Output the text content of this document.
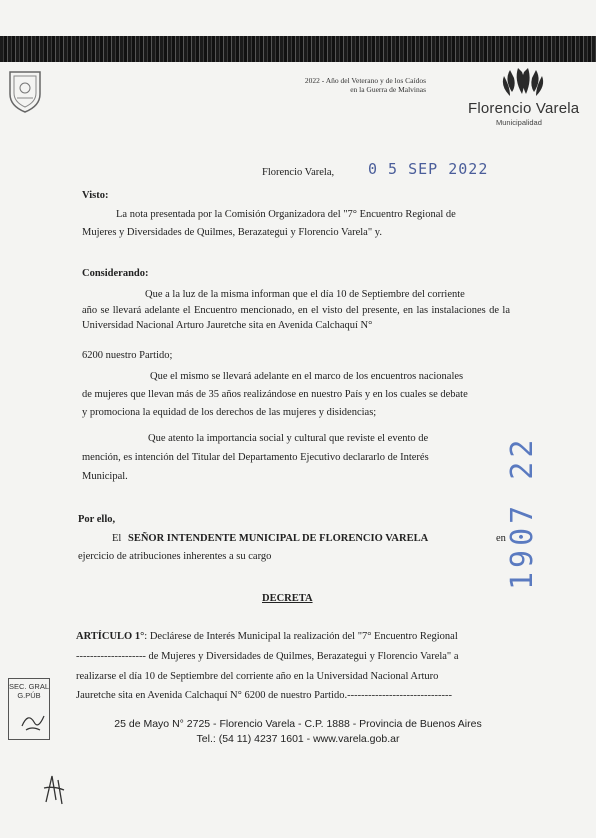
2022 - Año del Veterano y de los Caídos
en la Guerra de Malvinas
Florencio Varela
Municipalidad
Florencio Varela, 0 5 SEP 2022
Visto:
La nota presentada por la Comisión Organizadora del "7° Encuentro Regional de
Mujeres y Diversidades de Quilmes, Berazategui y Florencio Varela" y.
Considerando:
Que a la luz de la misma informan que el día 10 de Septiembre del corriente
año se llevará adelante el Encuentro mencionado, en el visto del presente, en las instalaciones de la Universidad Nacional Arturo Jauretche sita en Avenida Calchaquí N°
6200 nuestro Partido;
Que el mismo se llevará adelante en el marco de los encuentros nacionales
de mujeres que llevan más de 35 años realizándose en nuestro País y en los cuales se debate
y promociona la equidad de los derechos de las mujeres y disidencias;
Que atento la importancia social y cultural que reviste el evento de
mención, es intención del Titular del Departamento Ejecutivo declararlo de Interés
Municipal.
Por ello,
El SEÑOR INTENDENTE MUNICIPAL DE FLORENCIO VARELA	en
ejercicio de atribuciones inherentes a su cargo
DECRETA
ARTÍCULO 1°: Declárese de Interés Municipal la realización del "7° Encuentro Regional
-------------------- de Mujeres y Diversidades de Quilmes, Berazategui y Florencio Varela" a
realizarse el día 10 de Septiembre del corriente año en la Universidad Nacional Arturo
Jauretche sita en Avenida Calchaquí N° 6200 de nuestro Partido.------------------------------
1907 22
SEC. GRAL
G.PÚB
25 de Mayo N° 2725 - Florencio Varela - C.P. 1888 - Provincia de Buenos Aires
Tel.: (54 11) 4237 1601 - www.varela.gob.ar
